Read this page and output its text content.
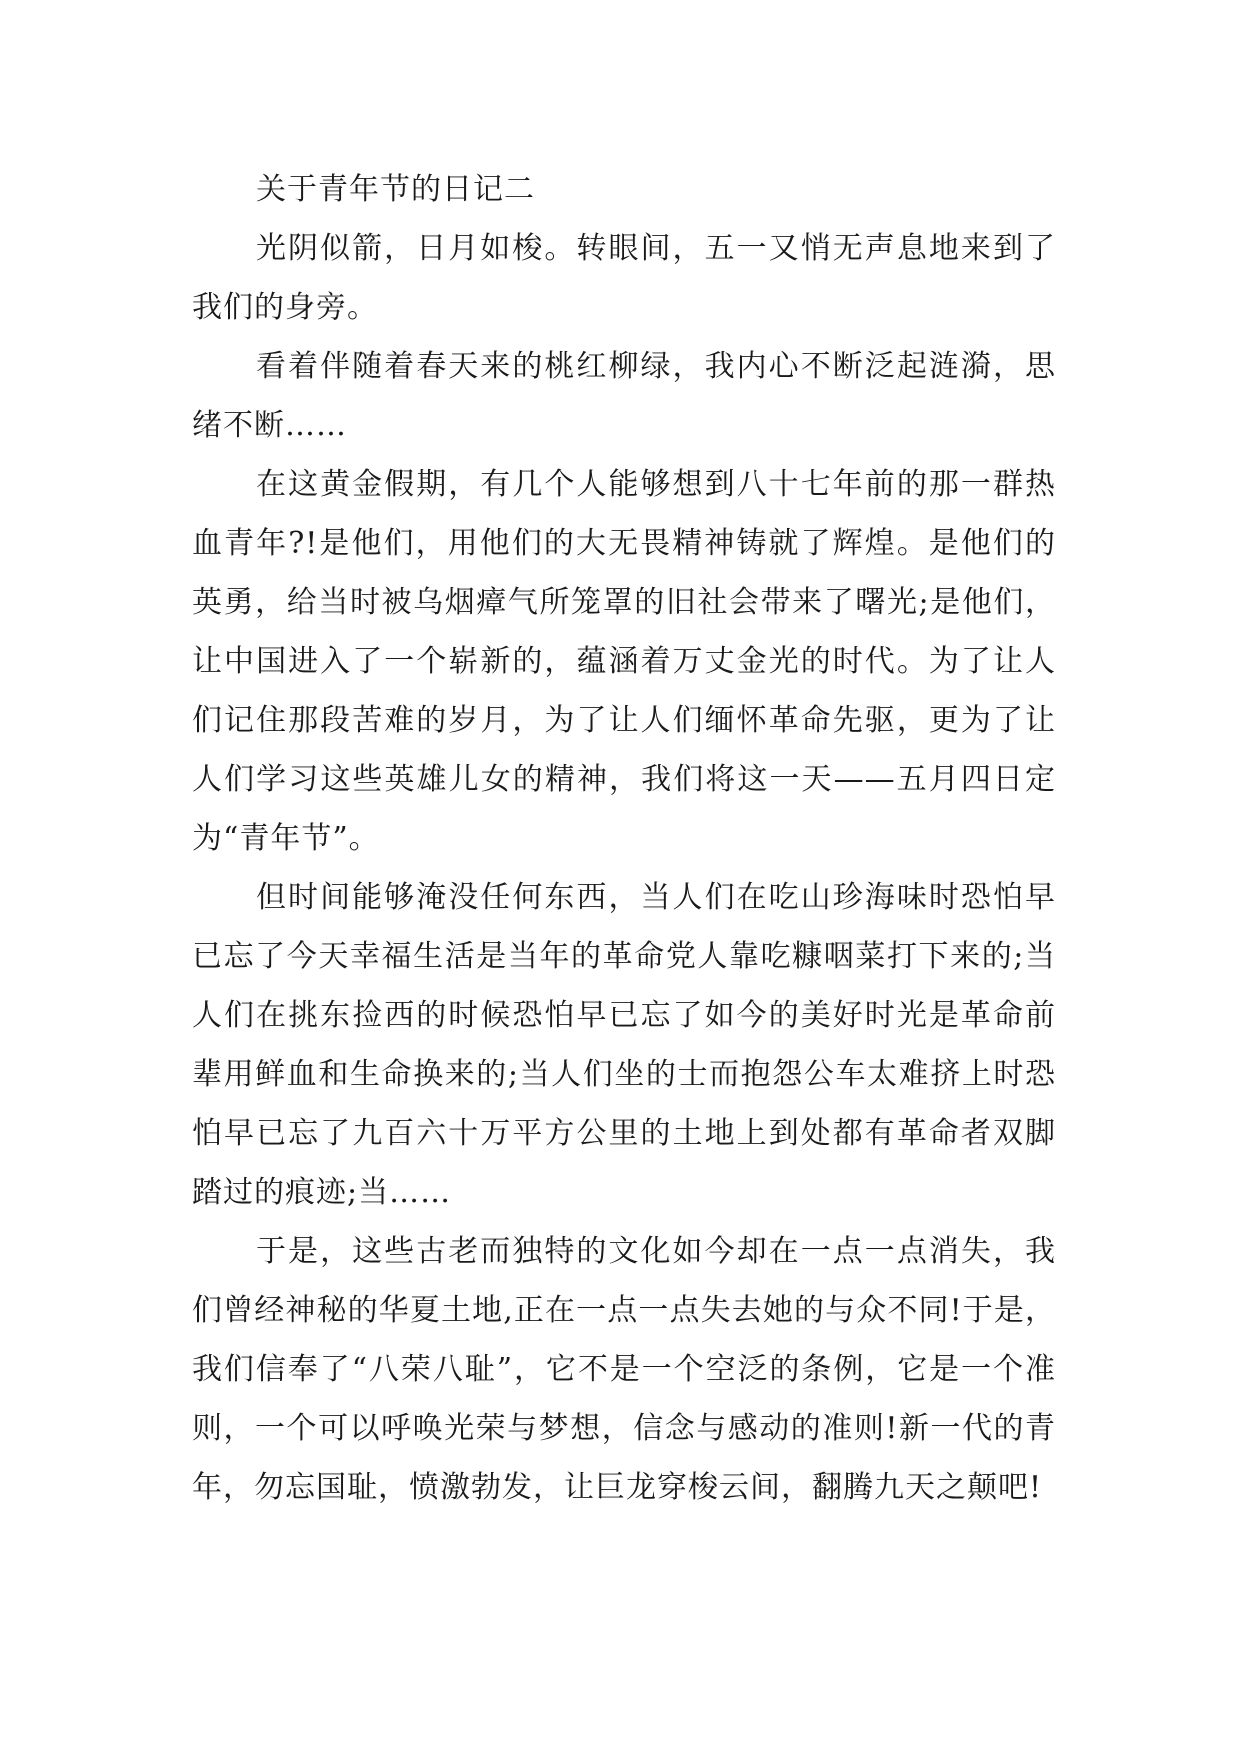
关于青年节的日记二

光阴似箭，日月如梭。转眼间，五一又悄无声息地来到了我们的身旁。

看着伴随着春天来的桃红柳绿，我内心不断泛起涟漪，思绪不断……

在这黄金假期，有几个人能够想到八十七年前的那一群热血青年?!是他们，用他们的大无畏精神铸就了辉煌。是他们的英勇，给当时被乌烟瘴气所笼罩的旧社会带来了曙光;是他们，让中国进入了一个崭新的，蕴涵着万丈金光的时代。为了让人们记住那段苦难的岁月，为了让人们缅怀革命先驱，更为了让人们学习这些英雄儿女的精神，我们将这一天——五月四日定为“青年节”。

但时间能够淹没任何东西，当人们在吃山珍海味时恐怕早已忘了今天幸福生活是当年的革命党人靠吃糠咽菜打下来的;当人们在挑东捡西的时候恐怕早已忘了如今的美好时光是革命前辈用鲜血和生命换来的;当人们坐的士而抱怨公车太难挤上时恐怕早已忘了九百六十万平方公里的土地上到处都有革命者双脚踏过的痕迹;当……

于是，这些古老而独特的文化如今却在一点一点消失，我们曾经神秘的华夏土地,正在一点一点失去她的与众不同!于是，我们信奉了“八荣八耻”，它不是一个空泛的条例，它是一个准则，一个可以呼唤光荣与梦想，信念与感动的准则!新一代的青年，勿忘国耻，愤激勃发，让巨龙穿梭云间，翻腾九天之颠吧!
